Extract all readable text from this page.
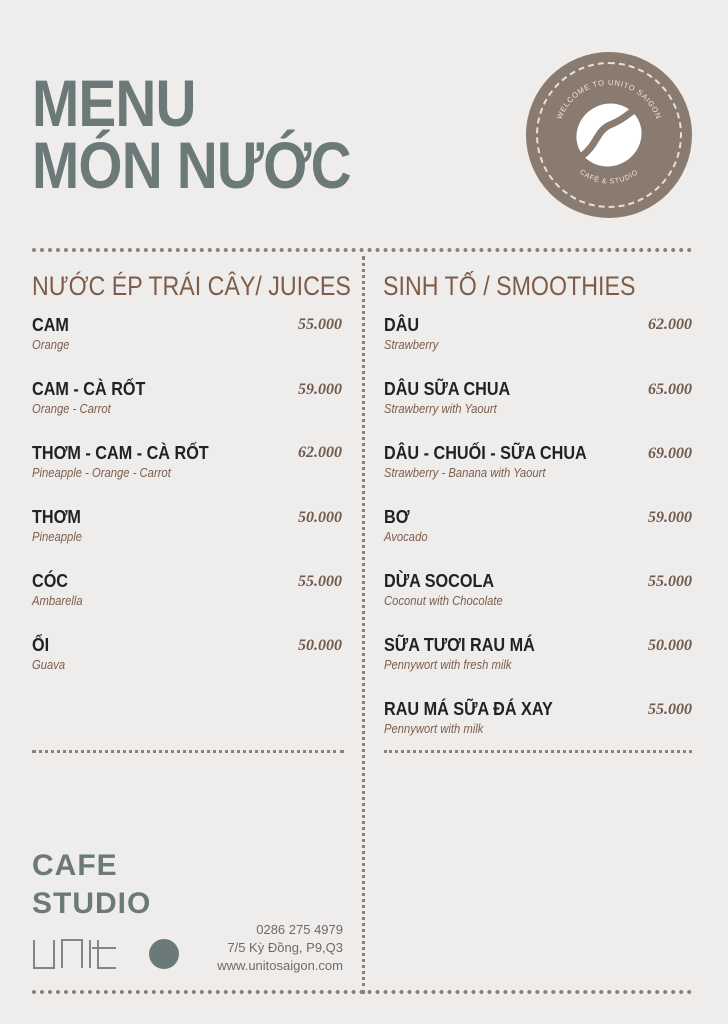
MENU
MÓN NƯỚC
WELCOME TO UNITO SAIGON
CAFÉ & STUDIO
NƯỚC ÉP TRÁI CÂY/ JUICES SINH TỐ / SMOOTHIES
CAM
Orange
55.000
CAM - CÀ RỐT
Orange - Carrot
59.000
THƠM - CAM - CÀ RỐT
Pineapple - Orange - Carrot
62.000
THƠM
Pineapple
50.000
CÓC
Ambarella
55.000
ỔI
Guava
50.000
DÂU
Strawberry
62.000
DÂU SỮA CHUA
Strawberry with Yaourt
65.000
DÂU - CHUỐI - SỮA CHUA
Strawberry - Banana with Yaourt
69.000
BƠ
Avocado
59.000
DỪA SOCOLA
Coconut with Chocolate
55.000
SỮA TƯƠI RAU MÁ
Pennywort with fresh milk
50.000
RAU MÁ SỮA ĐÁ XAY
Pennywort with milk
55.000
CAFE
STUDIO
0286 275 4979
7/5 Kỳ Đồng, P9,Q3
www.unitosaigon.com
